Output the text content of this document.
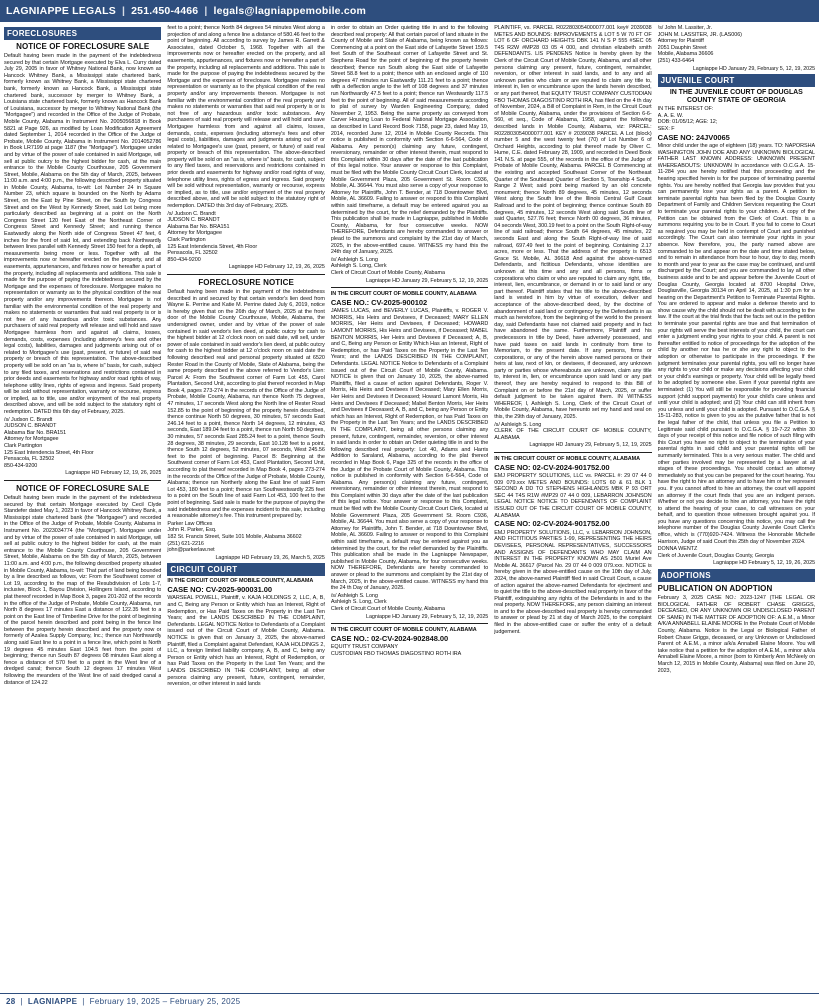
LAGNIAPPE LEGALS | 251.450-4466 | legals@lagniappemobile.com
FORECLOSURES
NOTICE OF FORECLOSURE SALE

Default having been made in the payment of the indebtedness secured by that certain Mortgage executed by Elva L. Curry dated July 29, 2005 in favor of Whitney National Bank, now known as Hancock Whitney Bank, a Mississippi state chartered bank, formerly known as Whitney Bank, a Mississippi state chartered bank, formerly known as Hancock Bank, a Mississippi state chartered bank, successor by merger to Whitney Bank, a Louisiana state chartered bank, formerly known as Hancock Bank of Louisiana, successor by merger to Whitney National Bank (the "Mortgagee") and recorded in the Office of the Judge of Probate, Mobile County, Alabama in Instrument No. 2005056818 in Book 5821 at Page 926, as modified by Loan Modification Agreement dated September 1, 2014 recorded in the Office of the Judge of Probate, Mobile County, Alabama in Instrument No. 2014052786 in Book LR7199 at page 1187 (the "Mortgage"). Mortgagee under and by virtue of the power of sale contained in said Mortgage, will sell at public outcry to the highest bidder for cash, at the main entrance to the Mobile County Courthouse, 205 Government Street, Mobile, Alabama on the 5th day of March, 2025, between 11:00 a.m. and 4:00 p.m., the following described property situated in Mobile County, Alabama, to-wit: Lot Number 24 in Square Number 23, which square is bounded on the North by Adams Street, on the East by Pine Street, on the South by Congress Street and on the West by Kennedy Street, said Lot being more particularly described as beginning at a point on the North Congress Street 120 feet East of the Northeast Corner of Congress Street and Kennedy Street; and running thence Eastwardly along the North side of Congress Street 47 feet, 6 inches for the front of said lot, and extending back Northwardly between lines parallel with Kennedy Street 150 feet for a depth, all measurements being more or less. Together with all the improvements now or hereafter erected on the property, and all easements, appurtenances, and fixtures now or hereafter a part of the property, including all replacements and additions. This sale is made for the purpose of paying the indebtedness secured by the Mortgage and the expenses of foreclosure. Mortgagee makes no representation or warranty as to the physical condition of the real property and/or any improvements thereon. Mortgagee is not familiar with the environmental condition of the real property and makes no statements or warranties that said real property is or is not free of any hazardous and/or toxic substances. Any purchasers of said real property will release and will hold and save Mortgagee harmless from and against all claims, losses, demands, costs, expenses (including attorney's fees and other legal costs), liabilities, damages and judgments arising out of or related to Mortgagee's use (past, present, or future) of said real property or breach of this representation. The above-described property will be sold on an "as is, where is" basis, for cash, subject to any filed taxes, and reservations and restrictions contained in prior deeds and easements for highway and/or road rights of way, telephone utility lines, rights of egress and ingress. Said property will be sold without representation, warranty or recourse, express or implied, as to title, use and/or enjoyment of the real property described above, and will be sold subject to the statutory right of redemption. DATED this 6th day of February, 2025.

/s/ Judson C. Brandt
JUDSON C. BRANDT
Alabama Bar No. BRA151
Attorney for Mortgagee
Clark Partington
125 East Intendencia Street, 4th Floor
Pensacola, FL 32502
850-434-9200

Lagniappe HD February 12, 19, 26, 2025

NOTICE OF FORECLOSURE SALE

Default having been made in the payment of the indebtedness secured by that certain Mortgage executed by Cecil Clyde Standefer dated May 1, 2023 in favor of Hancock Whitney Bank, a Mississippi state chartered bank (the "Mortgagee") and recorded in the Office of the Judge of Probate, Mobile County, Alabama in Instrument No. 2023034774 (the "Mortgage"). Mortgagee under and by virtue of the power of sale contained in said Mortgage, will sell at public outcry to the highest bidder for cash, at the main entrance to the Mobile County Courthouse, 205 Government Street, Mobile, Alabama on the 5th day of March, 2025, between 11:00 a.m. and 4:00 p.m., the following described property situated in Mobile County, Alabama, to-wit: That part of land being bounded by a line described as follows, viz: From the Southwest corner of Lot 19, according to the map of the Resubdivision of Lots 1-7, inclusive, Block 1, Bayou Division, Hollingers Island, according to plat thereof recorded in Map Book 3, pages 201-202 of the records in the office of the Judge of Probate, Mobile County, Alabama, run North 8 degrees 17 minutes East a distance of 122.35 feet to a point on the East line of Timberline Drive for the point of beginning of the parcel herein described and point being in the fence line between the property herein described and the property now or formerly of Azalea Supply Company, Inc.; thence run Northwardly along said East line to a point in a fence line, which point is North 19 degrees 45 minutes East 104.5 feet from the point of beginning; thence run South 87 degrees 08 minutes East along a fence a distance of 570 feet to a point in the West line of a dredged canal; thence South 12 degrees 17 minutes West following the meanders of the West line of said dredged canal a distance of 124.22

feet to a point; thence North 84 degrees 54 minutes West along a projection of and along a fence line a distance of 580.46 feet to the point of beginning. All according to survey by James R. Garrett & Associates, dated October 5, 1968. Together with all the improvements now or hereafter erected on the property, and all easements, appurtenances, and fixtures now or hereafter a part of the property, including all replacements and additions. This sale is made for the purpose of paying the indebtedness secured by the Mortgage and the expenses of foreclosure. Mortgagee makes no representation or warranty as to the physical condition of the real property and/or any improvements thereon. Mortgagee is not familiar with the environmental condition of the real property and makes no statements or warranties that said real property is or is not free of any hazardous and/or toxic substances. Any purchasers of said real property will release and will hold and save Mortgagee harmless from and against all claims, losses, demands, costs, expenses (including attorney's fees and other legal costs), liabilities, damages and judgments arising out of or related to Mortgagee's use (past, present, or future) of said real property or breach of this representation. The above-described property will be sold on an "as is, where is" basis, for cash, subject to any filed taxes, and reservations and restrictions contained in prior deeds and easements for highway and/or road rights of way, telephone utility lines, rights of egress and ingress. Said property will be sold without representation, warranty or recourse, express or implied, as to title, use and/or enjoyment of the real property described above, and will be sold subject to the statutory right of redemption. DATED this 3rd day of February, 2025.

/s/ Judson C. Brandt
JUDSON C. BRANDT
Alabama Bar No. BRA151
Attorney for Mortgagee
Clark Partington
125 East Intendencia Street, 4th Floor
Pensacola, FL 32502
850-434-9200

Lagniappe HD February 12, 19, 26, 2025

FORECLOSURE NOTICE

Default having been made in the payment of the indebtedness described in and secured by that certain vendor's lien deed from Wayne E. Perrine and Katie M. Perrine dated July 6, 2019, notice is hereby given that on the 26th day of March, 2025 at the front door of the Mobile County Courthouse, Mobile, Alabama, the undersigned owner, under and by virtue of the power of sale contained in said vendor's lien deed, at public outcry for cash to the highest bidder at 12 o'clock noon on said date, will sell, under power of sale contained in said vendor's lien deed, at public outcry for cash to the highest bidder at 12 o'clock noon on said date the following described real and personal property situated at 6520 Rester Road in the County of Mobile, State of Alabama, being the same property described in the above referred to Vendor's Lien: Parcel A: From the Southwest corner of Farm Lot 455, Carol Plantation, Second Unit, according to plat thereof recorded in Map Book 4, pages 273-274 in the records of the Office of the Judge of Probate, Mobile County, Alabama, run thence North 75 degrees, 47 minutes, 17 seconds West along the North line of Rester Road 152.85 to the point of beginning of the property herein described, thence continue North 50 degrees, 30 minutes, 57 seconds East 246.14 feet to a point, thence North 14 degrees, 12 minutes, 43 seconds, East 189.04 feet to a point, thence run North 50 degrees, 30 minutes, 57 seconds East 285.24 feet to a point, thence South 28 degrees, 38 minutes, 29 seconds, East 10.128 feet to a point, thence South 12 degrees, 52 minutes, 07 seconds, West 245.56 feet to the point of beginning. Parcel B: Beginning at the Southwest corner of Farm Lot 453, Carol Plantation, Second Unit, according to plat thereof recorded in Map Book 4, pages 273-274 in the records of the Office of the Judge of Probate, Mobile County, Alabama; thence run Northerly along the East line of said Farm Lot 453, 180 feet to a point; thence run Southwestwardly 225 feet to a point on the South line of said Farm Lot 453, 100 feet to the point of beginning. Said sale is made for the purpose of paying the said indebtedness and the expenses incident to this sale, including a reasonable attorney's fee. This instrument prepared by:

Parker Law Offices
John R. Parker, Esq.
182 St. Francis Street, Suite 101 Mobile, Alabama 36602
(251) 621-2216
john@parkerlaw.net

Lagniappe HD February 19, 26, March 5, 2025

CIRCUIT COURT

IN THE CIRCUIT COURT OF MOBILE COUNTY, ALABAMA

CASE NO: CV-2025-900031.00

WARSEAL POWELL, Plaintiff, v. KAJA HOLDINGS 2, LLC, A, B, and C, Being any Person or Entity which has an Interest, Right of Redemption, or Has Paid Taxes on the Property in the Last Ten Years; and the LANDS DESCRIBED IN THE COMPLAINT, Defendants. LEGAL NOTICE Notice to Defendants of a Complaint issued out of the Circuit Court of Mobile County, Alabama. NOTICE is given that on January 3, 2025, the above-named Plaintiff, filed a Complaint against Defendant, KAJA HOLDINGS 2, LLC, a foreign limited liability company, A, B, and C, being any Person or Entity which has an Interest, Right of Redemption, or has Paid Taxes on the Property in the Last Ten Years; and the LANDS DESCRIBED IN THE COMPLAINT, being all other persons claiming any present, future, contingent, remainder, reversion, or other interest in said lands

in order to obtain an Order quieting title in and to the following described real property: All that certain parcel of land situate in the County of Mobile and State of Alabama, being known as follows: Commencing at a point on the East side of Lafayette Street 159.5 feet South of the Southeast corner of Lafayette Street and St. Stephens Road for the point of beginning of the property herein described; thence run South along the East side of Lafayette Street 58.8 feet to a point; thence with an enclosed angle of 110 degrees 47 minutes run Eastwardly 111.21 feet to a point; thence with a deflection angle to the left of 108 degrees and 37 minutes run Northwardly 47.5 feet to a point; thence run Westwardly 117.5 feet to the point of beginning. All of said measurements according to plat of survey by Warden Engineering Company, dated November 2, 1953. Being the same property as conveyed from Carver Housing Loan to Federal National Mortgage Association, as described in Land Record Book 7158, page 23, dated May 19, 2014, recorded June 12, 2014 in Mobile County Records. This notice is published in conformity with Section 6-6-564, Code of Alabama. Any person(s) claiming any future, contingent, reversionary, remainder or other interest therein, must respond to this Complaint within 30 days after the date of the last publication of this legal notice. Your answer or response to this Complaint, must be filed with the Mobile County Circuit Court Clerk, located at Mobile Government Plaza, 205 Government St. Room C936, Mobile, AL 36644. You must also serve a copy of your response to Attorney for Plaintiffs, John T. Bender, at 718 Downtowner Blvd, Mobile, AL 36609. Failing to answer or respond to this Complaint within said timeframe, a default may be entered against you as determined by the court, for the relief demanded by the Plaintiffs. This publication shall be made in Lagniappe, published in Mobile County, Alabama, for four consecutive weeks. NOW THEREFORE, Defendants are hereby commanded to answer or plead to the summons and complaint by the 21st day of March, 2025, in the above-entitled cause. WITNESS my hand this the 24th day of January, 2025.

/s/ Ashleigh S. Long
Ashleigh S. Long, Clerk
Clerk of Circuit Court of Mobile County, Alabama

Lagniappe HD January 29, February 5, 12, 19, 2025

IN THE CIRCUIT COURT OF MOBILE COUNTY, ALABAMA

CASE NO.: CV-2025-900102

JAMES LUCAS, and BEVERLY LUCAS, Plaintiffs, v. ROGER V. MORRIS, His Heirs and Devisees, if Deceased; MARY ELLEN MORRIS, Her Heirs and Devisees, if Deceased; HOWARD LAMONT MORRIS, His Heirs and Devisees, if Deceased; MABEL BENTON MORRIS, Her Heirs and Devisees if Deceased; A, B, and C, Being any Person or Entity Which Has an Interest, Right of Redemption, or has Paid Taxes on the Property in the Last Ten Years; and the LANDS DESCRIBED IN THE COMPLAINT, Defendants. LEGAL NOTICE Notice to Defendants of a Complaint issued out of the Circuit Court of Mobile County, Alabama. NOTICE is given that on January 10, 2025, the above-named Plaintiffs, filed a cause of action against Defendants, Roger V. Morris, His Heirs and Devisees if Deceased; Mary Ellen Morris, Her Heirs and Devisees if Deceased; Howard Lamont Morris, His Heirs and Devisees if Deceased; Mabel Benton Morris, Her Heirs and Devisees if Deceased; A, B, and C, being any Person or Entity which has an Interest, Right of Redemption, or has Paid Taxes on the Property in the Last Ten Years; and the LANDS DESCRIBED IN THE COMPLAINT, being all other persons claiming any present, future, contingent, remainder, reversion, or other interest in said lands in order to obtain an Order quieting title in and to the following described real property: Lot 40, Adams and Harris Addition to Saraland, Alabama, according to the plat thereof recorded in Map Book 6, Page 325 of the records in the office of the Judge of the Probate Court of Mobile County, Alabama. This notice is published in conformity with Section 6-6-564, Code of Alabama. Any person(s) claiming any future, contingent, reversionary, remainder or other interest therein, must respond to this Complaint within 30 days after the date of the last publication of this legal notice. Your answer or response to this Complaint, must be filed with the Mobile County Circuit Court Clerk, located at Mobile Government Plaza, 205 Government St. Room C936, Mobile, AL 36644. You must also serve a copy of your response to Attorney for Plaintiffs, John T. Bender, at 718 Downtowner Blvd, Mobile, AL 36609. Failing to answer or respond to this Complaint within said timeframe, a default may be entered against you as determined by the court, for the relief demanded by the Plaintiffs. This publication shall be made in the Lagniappe Newspaper, published in Mobile County, Alabama, for four consecutive weeks. NOW THEREFORE, Defendants are hereby commanded to answer or plead to the summons and complaint by the 21st day of March, 2025, in the above-entitled cause. WITNESS my hand this the 24 th Day of January, 2025.

/s/ Ashleigh S. Long
Ashleigh S. Long, Clerk
Clerk of Circuit Court of Mobile County, Alabama

Lagniappe HD January 29, February 5, 12, 19, 2025

IN THE CIRCUIT COURT OF MOBILE COUNTY, ALABAMA

CASE NO.: 02-CV-2024-902848.00

EQUITY TRUST COMPANY
CUSTODIAN FBO THOMAS DIAGOSTINO ROTH IRA

PLAINTIFF, vs. PARCEL R022803054000077.001 key# 2039038 METES AND BOUNDS: IMPROVEMENTS & LOT 5 W 70 FT OF LOT 6 OF ORCHARD HEIGHTS DBK 141 N S P 555 #SEC 05 T4S R2W #MP28 03 05 4 000, and christian elizabeth smith DEFENDANTS. LIS PENDENS Notice is hereby given by the Clerk of the Circuit Court of Mobile County, Alabama, and all other persons claiming any present, future, contingent, remainder, reversion, or other interest in said lands, and to any and all unknown parties who claim or are reputed to claim any title to, interest in, lien or encumbrance upon the lands herein described, or any part thereof, that EQUITY TRUST COMPANY CUSTODIAN FBO THOMAS DIAGOSTINO ROTH IRA, has filed on the 4 th day of November, 2024, a Bill of Complaint in Rem, in the Circuit Court of Mobile County, Alabama, under the provisions of Section 6-6-560, et seq., Code of Alabama, 1958, against the following described lands in Mobile County, Alabama, viz: PARCEL: R022803054000077.001 KEY # 2039038 PARCEL A Lot (block) number 5 and the west twenty feet (70) of Lot Number 6 of Orchard Heights, according to plat thereof made by Oliver C. Hume, C.E. dated February 28, 1909, and recorded in Deed Book 141 N.S. at page 555, of the records in the office of the Judge of Probate of Mobile County, Alabama. PARCEL B Commencing at the existing and accepted Southeast Corner of the Northeast Quarter of the Southeast Quarter of Section 5, Township 4 South, Range 2 West; said point being marked by an old concrete monument; thence North 89 degrees, 45 minutes, 12 seconds West along the South line of the Illinois Central Gulf Coast Railroad and to the point of beginning; thence continue South 89 degrees, 45 minutes, 12 seconds West along said South line of said Quarter, 527.76 feet; thence North 00 degrees, 36 minutes, 04 seconds West, 300.19 feet to a point on the South Right-of-way line of said railroad; thence South 64 degrees, 45 minutes, 22 seconds East and along the South Right-of-way line of said railroad, 697.49 feet to the point of beginning. Containing 2.17 acres, more or less. That the address of the property is 6513 Grace St. Mobile, AL 36618 And against the above-named Defendants, and fictitious Defendants, whose identities are unknown at this time and any and all persons, firms or corporations who claim or who are reputed to claim any right, title, interest, lien, encumbrance, or demand in or to said land or any part thereof. Plaintiff states that his title to the above-described land is vested in him by virtue of execution, deliver and acceptance of the above-described deed, by the doctrine of abandonment of said land or contingency by the Defendants in as much as heretofore, from the beginning of the world to the present day, said Defendants have not claimed said property and in fact have abandoned the same. Furthermore, Plaintiff and his predecessors in title by Deed, have adversely possessed, and have paid taxes on said lands in continuity from time to Memoriam, to the present date. If any persons, firms or corporations, or any of the herein above named persons or their heirs at law, next of kin, or devisees, if deceased, any unknown party or parties whose whereabouts are unknown, claim any title to, interest in, lien, or encumbrance upon said land or any part thereof, they are hereby required to respond to this Bill of Complaint on or before the 21st day of March, 2025, or suffer default judgment to be taken against them. IN WITNESS WHEREOF, I, Ashleigh S. Long, Clerk of the Circuit Court of Mobile County, Alabama, have hereunto set my hand and seal on this, the 29th day of January, 2025.

/s/ Ashleigh S. Long
CLERK OF THE CIRCUIT COURT OF MOBILE COUNTY, ALABAMA

Lagniappe HD January 29, February 5, 12, 19, 2025

IN THE CIRCUIT COURT OF MOBILE COUNTY, ALABAMA

CASE NO: 02-CV-2024-901752.00

EMJ PROPERTY SOLUTIONS, LLC vs. PARCEL #: 29 07 44 0 009 079.xxx METES AND BOUNDS: LOTS 60 & 61 BLK 1 SECOND A DD TO STEPHENS HIGHLANDS MBK P 93 ORT SEC 44 T4S R1W #MP29 07 44 0 009, LEBARRON JOHNSON LEGAL NOTICE NOTICE TO DEFENDANTS OF COMPLAINT ISSUED OUT OF THE CIRCUIT COURT OF MOBILE COUNTY, ALABAMA

CASE NO: 02-CV-2024-901752.00

EMJ PROPERTY SOLUTIONS, LLC, v. LEBARRON JOHNSON, AND FICTITIOUS PARTIES 1-99, REPRESENTING THE HEIRS DEVISEES, PERSONAL REPRESENTATIVES, SUCCESSORS AND ASSIGNS OF DEFENDANTS WHO MAY CLAIM AN INTEREST IN THE PROPERTY KNOWN AS 2501 Muriel Ave Mobile AL 36617 (Parcel No. 29 07 44 0 009 079.xxx. NOTICE is hereby given in the above-entitled cause on the 10th day of July, 2024, the above-named Plaintiff filed in said Circuit Court, a cause of action against the above-named Defendants for ejectment and to quiet the title to the above-described real property in favor of the Plaintiff, extinguishing any rights of the Defendants in and to the real property. NOW THEREFORE, any person claiming an interest in and to the above-described real property is hereby commanded to answer or plead by 21 st day of March 2025, to the complaint filed in the above-entitled case or suffer the entry of a default judgement.

/s/ John M. Lassiter, Jr.
JOHN M. LASSITER, JR. (LAS006)
Attorney for Plaintiff
2051 Dauphin Street
Mobile, Alabama 36606
(251) 433-6464

Lagniappe HD January 29, February 5, 12, 19, 2025

JUVENILE COURT
IN THE JUVENILE COURT OF DOUGLAS COUNTY STATE OF GEORGIA

IN THE INTEREST OF:
A. A. E. W.
DOB: 01/05/12; AGE: 12;
SEX: F

CASE NO: 24JV0065

Minor child under the age of eighteen (18) years. TO: NAPORSHA WASHINGTON JOHN DOE AND ANY UNKNOWN BIOLOGICAL FATHER LAST KNOWN ADDRESS: UNKNOWN PRESENT WHEREABOUTS: UNKNOWN In accordance with O.C.G.A. 15-11-284 you are hereby notified that this proceeding and the hearing specified herein is for the purpose of terminating parental rights. You are hereby notified that Georgia law provides that you can permanently lose your rights as a parent. A petition to terminate parental rights has been filed by the Douglas County Department of Family and Children Services requesting the Court to terminate your parental rights to your children. A copy of the Petition can be obtained from the Clerk of Court. This is a summons requiring you to be in Court. If you fail to come to Court as required you may be held in contempt of Court and punished accordingly. The Court can also terminate your rights in your absence. Now therefore, you, the party named above are commanded to be and appear on the date and time stated below, and to remain in attendance from hour to hour, day to day, month to month and year to year as the case may be continued, and until discharged by the Court; and you are commanded to lay all other business aside and to be and appear before the Juvenile Court of Douglas County, Georgia located at 8700 Hospital Drive, Douglasville, Georgia 30134 on April 14, 2025, at 1:30 p.m for a hearing on the Department's Petition to Terminate Parental Rights. You are ordered to appear and make a defense thereto and to show cause why the child should not be dealt with according to the law. If the court at the trial finds that the facts set out in the petition to terminate your parental rights are true and that termination of your rights will serve the best interests of your child, the court can enter a judgment ending your rights to your child. A parent is not thereafter entitled to notice of proceedings for the adoption of the child by another nor has he or she any right to object to the adoption or otherwise to participate in the proceedings. If the judgment terminates your parental rights, you will no longer have any rights to your child or make any decisions affecting your child or your child's earnings or property. Your child will be legally freed to be adopted by someone else. Even if your parental rights are terminated: (1) You will still be responsible for providing financial support (child support payments) for your child's care unless and until your child is adopted; and (2) Your child can still inherit from you unless and until your child is adopted. Pursuant to O.C.G.A. § 15-11-283, notice is given to you as the putative father that is not the legal father of the child, that unless you file a Petition to Legitimate said child pursuant to O.C.G.A. § 19-7-22 within 30 days of your receipt of this notice and file notice of such filing with this Court you have no right to object to the termination of your parental rights in said child and your parental rights will be summarily terminated. This is a very serious matter. The child and other parties involved may be represented by a lawyer at all stages of these proceedings. You should contact an attorney immediately so that you can be prepared for the court hearing. You have the right to hire an attorney and to have him or her represent you. If you cannot afford to hire an attorney, the court will appoint an attorney if the court finds that you are an indigent person. Whether or not you decide to hire an attorney, you have the right to attend the hearing of your case, to call witnesses on your behalf, and to question those witnesses brought against you. If you have any questions concerning this notice, you may call the telephone number of the Douglas County Juvenile Court Clerk's office, which is (770)920-7424. Witness the Honorable Michelle Harrison, Judge of said Court this 25th day of November 2024.

DONNA WENTZ
Clerk of Juvenile Court, Douglas County, Georgia

Lagniappe HD February 5, 12, 19, 26, 2025

ADOPTIONS
PUBLICATION ON ADOPTION

February 3, 2025 CASE NO.: 2023-1247 (THE LEGAL OR BIOLOGICAL FATHER OF ROBERT CHASE GRIGGS, DECEASED, OR ANY UNKNOWN OR UNDISCLOSED PARENT OF SAME) IN THE MATTER OF ADOPTION OF: A.E.M., a Minor A/K/A ANNABELL ELAINE MOORE In the Probate Court of Mobile County, Alabama. Notice is the Legal or Biological Father of Robert Chase Griggs, deceased, or any Unknown or Undisclosed Parent of: A.E.M., a minor a/k/a Annabell Elaine Moore. You will take notice that a petition for the adoption of A.E.M., a minor a/k/a Annabell Elaine Moore, a minor (born to Kimberly Ann McNeely on March 12, 2015 in Mobile County, Alabama) was filed on June 20, 2023,

28 | LAGNIAPPE | February 19, 2025 – February 25, 2025
